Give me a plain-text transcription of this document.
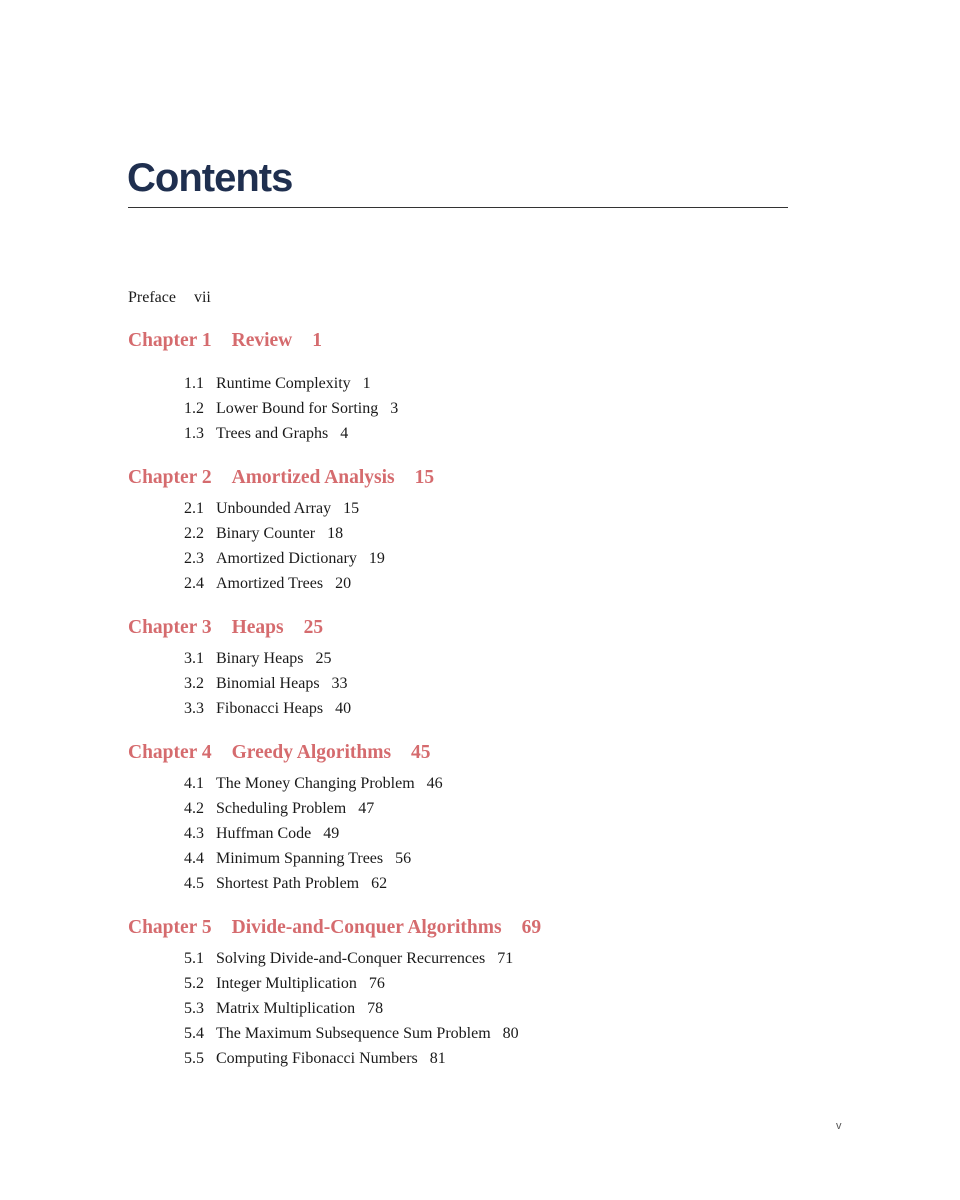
Contents
Preface vii
Chapter 1 Review 1
1.1 Runtime Complexity 1
1.2 Lower Bound for Sorting 3
1.3 Trees and Graphs 4
Chapter 2 Amortized Analysis 15
2.1 Unbounded Array 15
2.2 Binary Counter 18
2.3 Amortized Dictionary 19
2.4 Amortized Trees 20
Chapter 3 Heaps 25
3.1 Binary Heaps 25
3.2 Binomial Heaps 33
3.3 Fibonacci Heaps 40
Chapter 4 Greedy Algorithms 45
4.1 The Money Changing Problem 46
4.2 Scheduling Problem 47
4.3 Huffman Code 49
4.4 Minimum Spanning Trees 56
4.5 Shortest Path Problem 62
Chapter 5 Divide-and-Conquer Algorithms 69
5.1 Solving Divide-and-Conquer Recurrences 71
5.2 Integer Multiplication 76
5.3 Matrix Multiplication 78
5.4 The Maximum Subsequence Sum Problem 80
5.5 Computing Fibonacci Numbers 81
v
